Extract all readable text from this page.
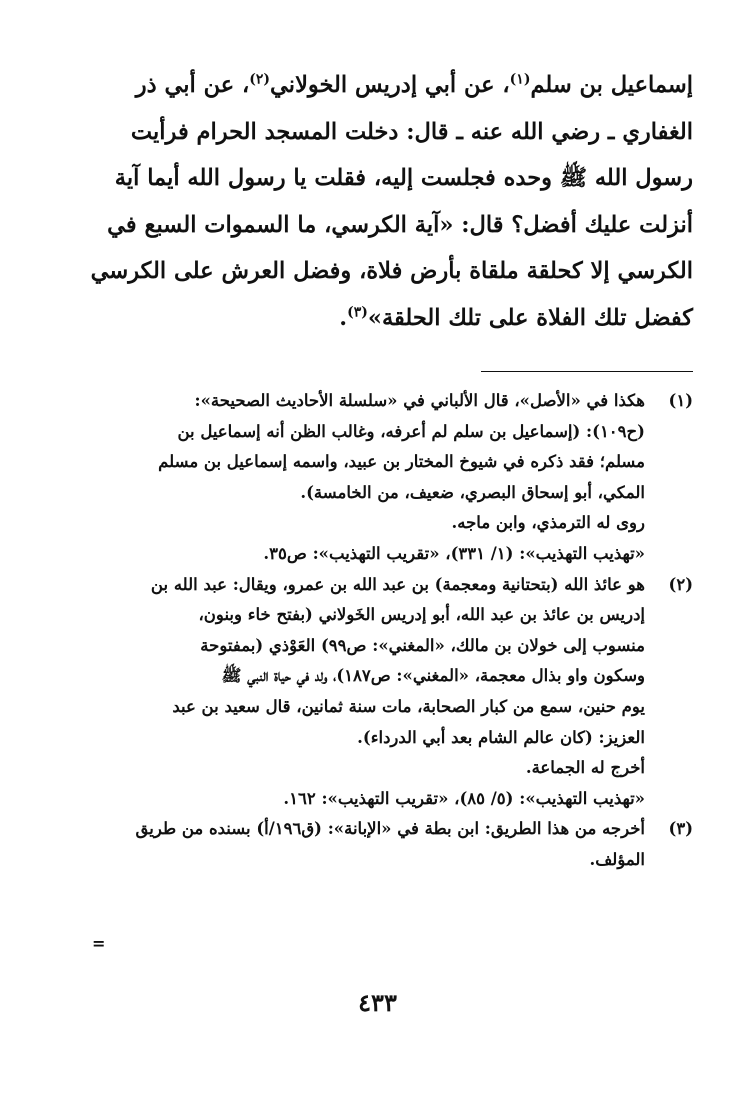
إسماعيل بن سلم$^{(١)}$، عن أبي إدريس الخولاني$^{(٢)}$، عن أبي ذر
الغفاري ـ رضي الله عنه ـ قال: دخلت المسجد الحرام فرأيت
رسول الله ﷺ وحده فجلست إليه، فقلت يا رسول الله أيما آية
أنزلت عليك أفضل؟ قال: «آية الكرسي، ما السموات السبع في
الكرسي إلا كحلقة ملقاة بأرض فلاة، وفضل العرش على الكرسي
كفضل تلك الفلاة على تلك الحلقة»$^{(٣)}$.
(١)
هكذا في «الأصل»، قال الألباني في «سلسلة الأحاديث الصحيحة»:
(ح١٠٩): (إسماعيل بن سلم لم أعرفه، وغالب الظن أنه إسماعيل بن
مسلم؛ فقد ذكره في شيوخ المختار بن عبيد، واسمه إسماعيل بن مسلم
المكي، أبو إسحاق البصري، ضعيف، من الخامسة).
روى له الترمذي، وابن ماجه.
«تهذيب التهذيب»: (١/ ٣٣١)، «تقريب التهذيب»: ص٣٥.
(٢)
هو عائذ الله (بتحتانية ومعجمة) بن عبد الله بن عمرو، ويقال: عبد الله بن
إدريس بن عائذ بن عبد الله، أبو إدريس الخَولاني (بفتح خاء وبنون،
منسوب إلى خولان بن مالك، «المغني»: ص٩٩) العَوْذي (بمفتوحة
وسكون واو بذال معجمة، «المغني»: ص١٨٧)، ولد في حياة النبي ﷺ
يوم حنين، سمع من كبار الصحابة، مات سنة ثمانين، قال سعيد بن عبد
العزيز: (كان عالم الشام بعد أبي الدرداء).
أخرج له الجماعة.
«تهذيب التهذيب»: (٥/ ٨٥)، «تقريب التهذيب»: ١٦٢.
(٣)
أخرجه من هذا الطريق: ابن بطة في «الإبانة»: (ق١٩٦/أ) بسنده من طريق
المؤلف.
=
٤٣٣
